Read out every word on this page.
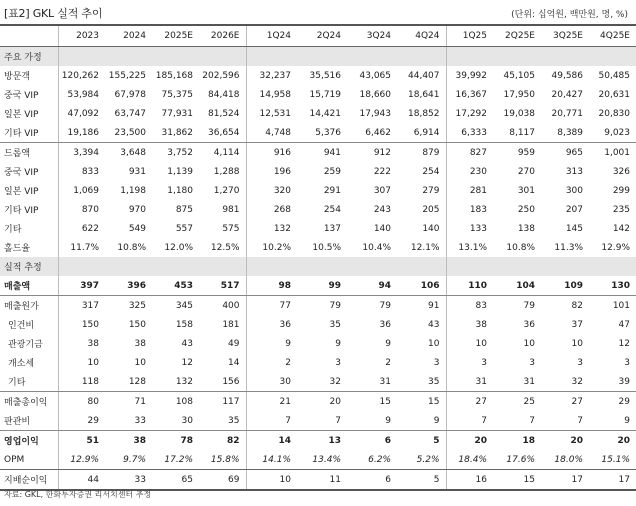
[표2] GKL 실적 추이	(단위: 십억원, 백만원, 명, %)
	2023	2024	2025E	2026E	1Q24	2Q24	3Q24	4Q24	1Q25	2Q25E	3Q25E	4Q25E
주요 가정												
방문객	120,262	155,225	185,168	202,596	32,237	35,516	43,065	44,407	39,992	45,105	49,586	50,485
중국 VIP	53,984	67,978	75,375	84,418	14,958	15,719	18,660	18,641	16,367	17,950	20,427	20,631
일본 VIP	47,092	63,747	77,931	81,524	12,531	14,421	17,943	18,852	17,292	19,038	20,771	20,830
기타 VIP	19,186	23,500	31,862	36,654	4,748	5,376	6,462	6,914	6,333	8,117	8,389	9,023
드롭액	3,394	3,648	3,752	4,114	916	941	912	879	827	959	965	1,001
중국 VIP	833	931	1,139	1,288	196	259	222	254	230	270	313	326
일본 VIP	1,069	1,198	1,180	1,270	320	291	307	279	281	301	300	299
기타 VIP	870	970	875	981	268	254	243	205	183	250	207	235
기타	622	549	557	575	132	137	140	140	133	138	145	142
홀드율	11.7%	10.8%	12.0%	12.5%	10.2%	10.5%	10.4%	12.1%	13.1%	10.8%	11.3%	12.9%
실적 추정												
매출액	397	396	453	517	98	99	94	106	110	104	109	130
매출원가	317	325	345	400	77	79	79	91	83	79	82	101
인건비	150	150	158	181	36	35	36	43	38	36	37	47
관광기금	38	38	43	49	9	9	9	10	10	10	10	12
개소세	10	10	12	14	2	3	2	3	3	3	3	3
기타	118	128	132	156	30	32	31	35	31	31	32	39
매출총이익	80	71	108	117	21	20	15	15	27	25	27	29
판관비	29	33	30	35	7	7	9	9	7	7	7	9
영업이익	51	38	78	82	14	13	6	5	20	18	20	20
OPM	12.9%	9.7%	17.2%	15.8%	14.1%	13.4%	6.2%	5.2%	18.4%	17.6%	18.0%	15.1%
지배순이익	44	33	65	69	10	11	6	5	16	15	17	17
자료: GKL, 한화투자증권 리서치센터 추정
